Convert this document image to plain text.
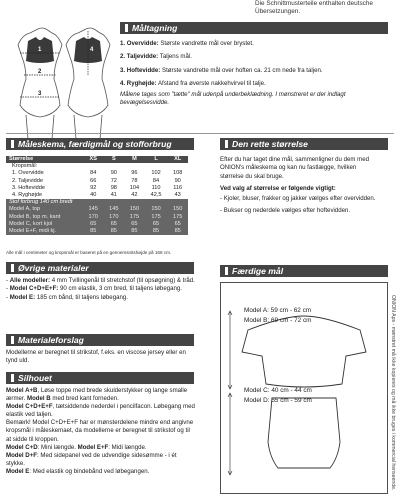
Die Schnittmusterteile enthalten deutsche Übersetzungen.
Måltagning
1	4
2
3
1. Overvidde: Største vandrette mål over brystet.
2. Taljevidde: Taljens mål.
3. Hoftevidde: Største vandrette mål over hoften ca. 21 cm nede fra taljen.
4. Ryghøjde: Afstand fra øverste nakkehvirvel til talje.
Målene tages som "tætte" mål udenpå underbeklædning. I mønstreret er der indlagt bevægelsesvidde.
Måleskema, færdigmål og stofforbrug
Størrelse	XS	S	M	L	XL
Kropsmål:					
1. Overvidde	84	90	96	102	108
2. Taljevidde	66	72	78	84	90
3. Hoftevidde	92	98	104	110	116
4. Ryghøjde	40	41	42	42,5	43
Stof forbrug 140 cm bredt					
Model A, top	145	145	150	150	150
Model B, top m. kant	170	170	175	175	175
Model C, kort kjol	65	65	65	65	65
Model E+F, midi kj.	85	85	85	85	85
Alle mål i centimeter og kropsmål er baseret på en gennemsnitshøjde på 168 cm.
Øvrige materialer
- Alle modeller: 4 mm Tvillingenål til stretchstof (til opsøgning) & tråd.
- Model C+D+E+F: 90 cm elastik, 3 cm bred, til taljens løbegang.
- Model E: 185 cm bånd, til taljens løbegang.
Materialeforslag
Modellerne er beregnet til strikstof, f.eks. en viscose jersey eller en tynd uld.
Silhouet
Model A+B, Løse toppe med brede skulderstykker og lange smalle ærmer. Model B med bred kant forneden.
Model C+D+E+F, tætsiddende nederdel i pencilfacon. Løbegang med elastik ved taljen.
Bemærk! Model C+D+E+F har er mønsterdelene mindre end angivne kropsmål i måleskemaet, da modellerne er beregnet til strikstof og til at sidde til kroppen.
Model C+D: Mini længde. Model E+F: Midi længde.
Model D+F: Med sidepanel ved de udvendige sidesømme - i ét stykke.
Model E: Med elastik og bindebånd ved løbegangen.
Den rette størrelse
Efter du har taget dine mål, sammenligner du dem med ONION's måleskema og kan nu fastlægge, hvilken størrelse du skal bruge.
Ved valg af størrelse er følgende vigtigt:
- Kjoler, bluser, frakker og jakker vælges efter overvidden.
- Bukser og nederdele vælges efter hoftevidden.
Færdige mål
Model A: 59 cm - 62 cm
Model B: 69 cm - 72 cm
Model C: 40 cm - 44 cm
Model D: 55 cm - 59 cm	ONION Aps - mønstret må ikke kopieres og må ikke bruges i kommercial henseende.
